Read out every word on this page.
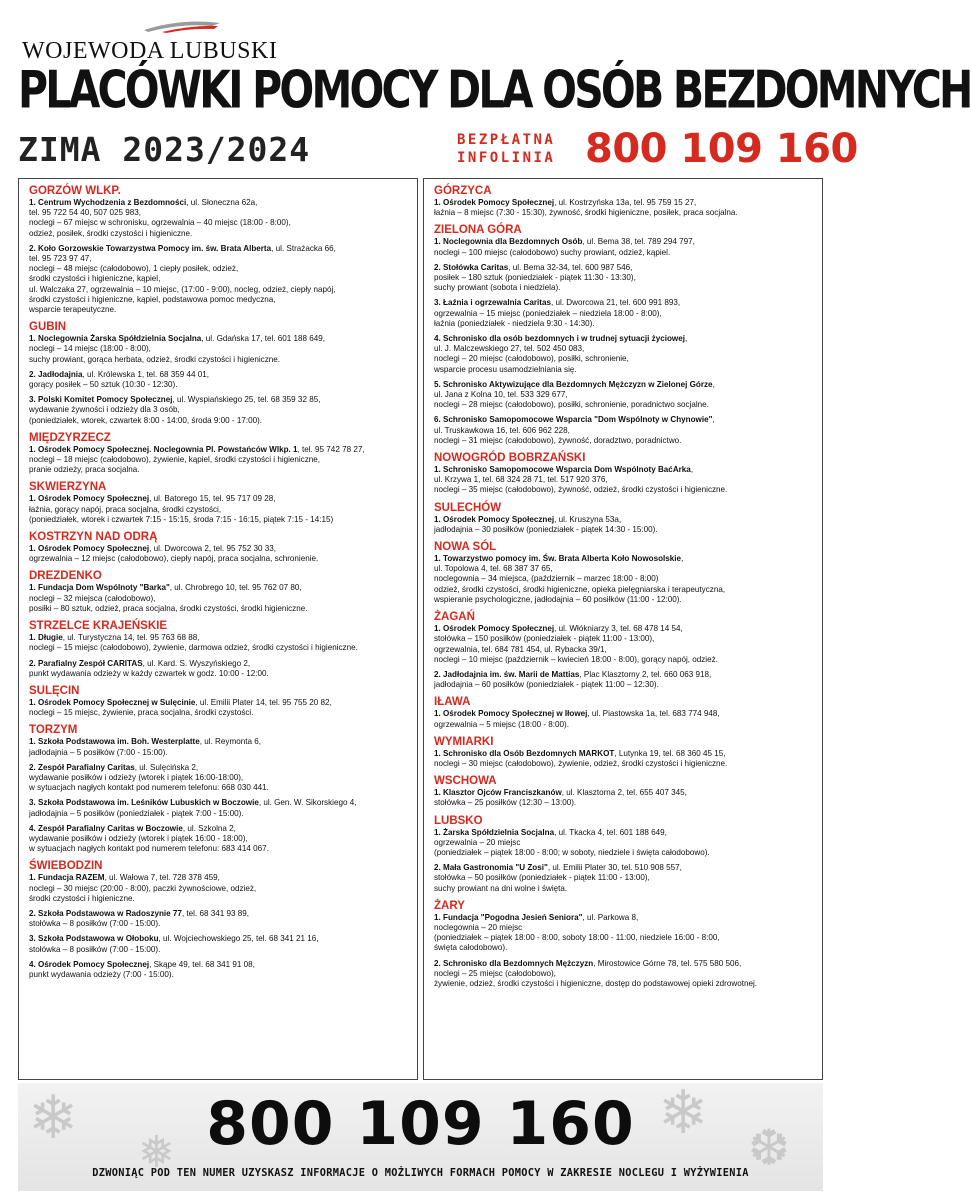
WOJEWODA LUBUSKI
PLACÓWKI POMOCY DLA OSÓB BEZDOMNYCH
ZIMA 2023/2024	BEZPŁATNA
INFOLINIA 800 109 160
GORZÓW WLKP.
1. Centrum Wychodzenia z Bezdomności, ul. Słoneczna 62a,
tel. 95 722 54 40, 507 025 983,
noclegi – 67 miejsc w schronisku, ogrzewalnia – 40 miejsc (18:00 - 8:00),
odzież, posiłek, środki czystości i higieniczne.
2. Koło Gorzowskie Towarzystwa Pomocy im. św. Brata Alberta, ul. Strażacka 66,
tel. 95 723 97 47,
noclegi – 48 miejsc (całodobowo), 1 ciepły posiłek, odzież,
środki czystości i higieniczne, kąpiel,
ul. Walczaka 27, ogrzewalnia – 10 miejsc, (17:00 - 9:00), nocleg, odzież, ciepły napój,
środki czystości i higieniczne, kąpiel, podstawowa pomoc medyczna,
wsparcie terapeutyczne.
GUBIN
1. Noclegownia Żarska Spółdzielnia Socjalna, ul. Gdańska 17, tel. 601 188 649,
noclegi – 14 miejsc (18:00 - 8:00),
suchy prowiant, gorąca herbata, odzież, środki czystości i higieniczne.
2. Jadłodajnia, ul. Królewska 1, tel. 68 359 44 01,
gorący posiłek – 50 sztuk (10:30 - 12:30).
3. Polski Komitet Pomocy Społecznej, ul. Wyspiańskiego 25, tel. 68 359 32 85,
wydawanie żywności i odzieży dla 3 osób,
(poniedziałek, wtorek, czwartek 8:00 - 14:00, środa 9:00 - 17:00).
MIĘDZYRZECZ
1. Ośrodek Pomocy Społecznej. Noclegownia Pl. Powstańców Wlkp. 1, tel. 95 742 78 27,
noclegi – 18 miejsc (całodobowo), żywienie, kąpiel, środki czystości i higieniczne,
pranie odzieży, praca socjalna.
SKWIERZYNA
1. Ośrodek Pomocy Społecznej, ul. Batorego 15, tel. 95 717 09 28,
łaźnia, gorący napój, praca socjalna, środki czystości,
(poniedziałek, wtorek i czwartek 7:15 - 15:15, środa 7:15 - 16:15, piątek 7:15 - 14:15)
KOSTRZYN NAD ODRĄ
1. Ośrodek Pomocy Społecznej, ul. Dworcowa 2, tel. 95 752 30 33,
ogrzewalnia – 12 miejsc (całodobowo), ciepły napój, praca socjalna, schronienie.
DREZDENKO
1. Fundacja Dom Wspólnoty "Barka", ul. Chrobrego 10, tel. 95 762 07 80,
noclegi – 32 miejsca (całodobowo),
posiłki – 80 sztuk, odzież, praca socjalna, środki czystości, środki higieniczne.
STRZELCE KRAJEŃSKIE
1. Długie, ul. Turystyczna 14, tel. 95 763 68 88,
noclegi – 15 miejsc (całodobowo), żywienie, darmowa odzież, środki czystości i higieniczne.
2. Parafialny Zespół CARITAS, ul. Kard. S. Wyszyńskiego 2,
punkt wydawania odzieży w każdy czwartek w godz. 10:00 - 12:00.
SULĘCIN
1. Ośrodek Pomocy Społecznej w Sulęcinie, ul. Emilii Plater 14, tel. 95 755 20 82,
noclegi – 15 miejsc, żywienie, praca socjalna, środki czystości.
TORZYM
1. Szkoła Podstawowa im. Boh. Westerplatte, ul. Reymonta 6,
jadłodajnia – 5 posiłków (7:00 - 15:00).
2. Zespół Parafialny Caritas, ul. Sulęcińska 2,
wydawanie posiłków i odzieży (wtorek i piątek 16:00-18:00),
w sytuacjach nagłych kontakt pod numerem telefonu: 668 030 441.
3. Szkoła Podstawowa im. Leśników Lubuskich w Boczowie, ul. Gen. W. Sikorskiego 4,
jadłodajnia – 5 posiłków (poniedziałek - piątek 7:00 - 15:00).
4. Zespół Parafialny Caritas w Boczowie, ul. Szkolna 2,
wydawanie posiłków i odzieży (wtorek i piątek 16:00 - 18:00),
w sytuacjach nagłych kontakt pod numerem telefonu: 683 414 067.
ŚWIEBODZIN
1. Fundacja RAZEM, ul. Wałowa 7, tel. 728 378 459,
noclegi – 30 miejsc (20:00 - 8:00), paczki żywnościowe, odzież,
środki czystości i higieniczne.
2. Szkoła Podstawowa w Radoszynie 77, tel. 68 341 93 89,
stołówka – 8 posiłków (7:00 - 15:00).
3. Szkoła Podstawowa w Ołoboku, ul. Wojciechowskiego 25, tel. 68 341 21 16,
stołówka – 8 posiłków (7:00 - 15:00).
4. Ośrodek Pomocy Społecznej, Skąpe 49, tel. 68 341 91 08,
punkt wydawania odzieży (7:00 - 15:00).
GÓRZYCA
1. Ośrodek Pomocy Społecznej, ul. Kostrzyńska 13a, tel. 95 759 15 27,
łaźnia – 8 miejsc (7:30 - 15:30), żywność, środki higieniczne, posiłek, praca socjalna.
ZIELONA GÓRA
1. Noclegownia dla Bezdomnych Osób, ul. Bema 38, tel. 789 294 797,
noclegi – 100 miejsc (całodobowo) suchy prowiant, odzież, kąpiel.
2. Stołówka Caritas, ul. Bema 32-34, tel. 600 987 546,
posiłek – 180 sztuk (poniedziałek - piątek 11:30 - 13:30),
suchy prowiant (sobota i niedziela).
3. Łaźnia i ogrzewalnia Caritas, ul. Dworcowa 21, tel. 600 991 893,
ogrzewalnia – 15 miejsc (poniedziałek – niedziela 18:00 - 8:00),
łaźnia (poniedziałek - niedziela 9:30 - 14:30).
4. Schronisko dla osób bezdomnych i w trudnej sytuacji życiowej,
ul. J. Malczewskiego 27, tel. 502 450 083,
noclegi – 20 miejsc (całodobowo), posiłki, schronienie,
wsparcie procesu usamodzielniania się.
5. Schronisko Aktywizujące dla Bezdomnych Mężczyzn w Zielonej Górze,
ul. Jana z Kolna 10, tel. 533 329 677,
noclegi – 28 miejsc (całodobowo), posiłki, schronienie, poradnictwo socjalne.
6. Schronisko Samopomocowe Wsparcia "Dom Wspólnoty w Chynowie",
ul. Truskawkowa 16, tel. 606 962 228,
noclegi – 31 miejsc (całodobowo), żywność, doradztwo, poradnictwo.
NOWOGRÓD BOBRZAŃSKI
1. Schronisko Samopomocowe Wsparcia Dom Wspólnoty BaćArka,
ul. Krzywa 1, tel. 68 324 28 71, tel. 517 920 376,
noclegi – 35 miejsc (całodobowo), żywność, odzież, środki czystości i higieniczne.
SULECHÓW
1. Ośrodek Pomocy Społecznej, ul. Kruszyna 53a,
jadłodajnia – 30 posiłków (poniedziałek - piątek 14:30 - 15:00).
NOWA SÓL
1. Towarzystwo pomocy im. Św. Brata Alberta Koło Nowosolskie,
ul. Topolowa 4, tel. 68 387 37 65,
noclegownia – 34 miejsca, (październik – marzec 18:00 - 8:00)
odzież, środki czystości, środki higieniczne, opieka pielęgniarska i terapeutyczna,
wspieranie psychologiczne, jadłodajnia – 60 posiłków (11:00 - 12:00).
ŻAGAŃ
1. Ośrodek Pomocy Społecznej, ul. Włókniarzy 3, tel. 68 478 14 54,
stołówka – 150 posiłków (poniedziałek - piątek 11:00 - 13:00),
ogrzewalnia, tel. 684 781 454, ul. Rybacka 39/1,
noclegi – 10 miejsc (październik – kwiecień 18:00 - 8:00), gorący napój, odzież.
2. Jadłodajnia im. św. Marii de Mattias, Plac Klasztorny 2, tel. 660 063 918,
jadłodajnia – 60 posiłków (poniedziałek - piątek 11:00 – 12:30).
IŁAWA
1. Ośrodek Pomocy Społecznej w Iłowej, ul. Piastowska 1a, tel. 683 774 948,
ogrzewalnia – 5 miejsc (18:00 - 8:00).
WYMIARKI
1. Schronisko dla Osób Bezdomnych MARKOT, Lutynka 19, tel. 68 360 45 15,
noclegi – 30 miejsc (całodobowo), żywienie, odzież, środki czystości i higieniczne.
WSCHOWA
1. Klasztor Ojców Franciszkanów, ul. Klasztorna 2, tel. 655 407 345,
stołówka – 25 posiłków (12:30 – 13:00).
LUBSKO
1. Żarska Spółdzielnia Socjalna, ul. Tkacka 4, tel. 601 188 649,
ogrzewalnia – 20 miejsc
(poniedziałek – piątek 18:00 - 8:00; w soboty, niedziele i święta całodobowo).
2. Mała Gastronomia "U Zosi", ul. Emilii Plater 30, tel. 510 908 557,
stołówka – 50 posiłków (poniedziałek - piątek 11:00 - 13:00),
suchy prowiant na dni wolne i święta.
ŻARY
1. Fundacja "Pogodna Jesień Seniora", ul. Parkowa 8,
noclegownia – 20 miejsc
(poniedziałek – piątek 18:00 - 8:00, soboty 18:00 - 11:00, niedziele 16:00 - 8:00,
święta całodobowo).
2. Schronisko dla Bezdomnych Mężczyzn, Mirostowice Górne 78, tel. 575 580 506,
noclegi – 25 miejsc (całodobowo),
żywienie, odzież, środki czystości i higieniczne, dostęp do podstawowej opieki zdrowotnej.
❄
❅
❄
❆
800 109 160
DZWONIĄC POD TEN NUMER UZYSKASZ INFORMACJE O MOŻLIWYCH FORMACH POMOCY W ZAKRESIE NOCLEGU I WYŻYWIENIA
